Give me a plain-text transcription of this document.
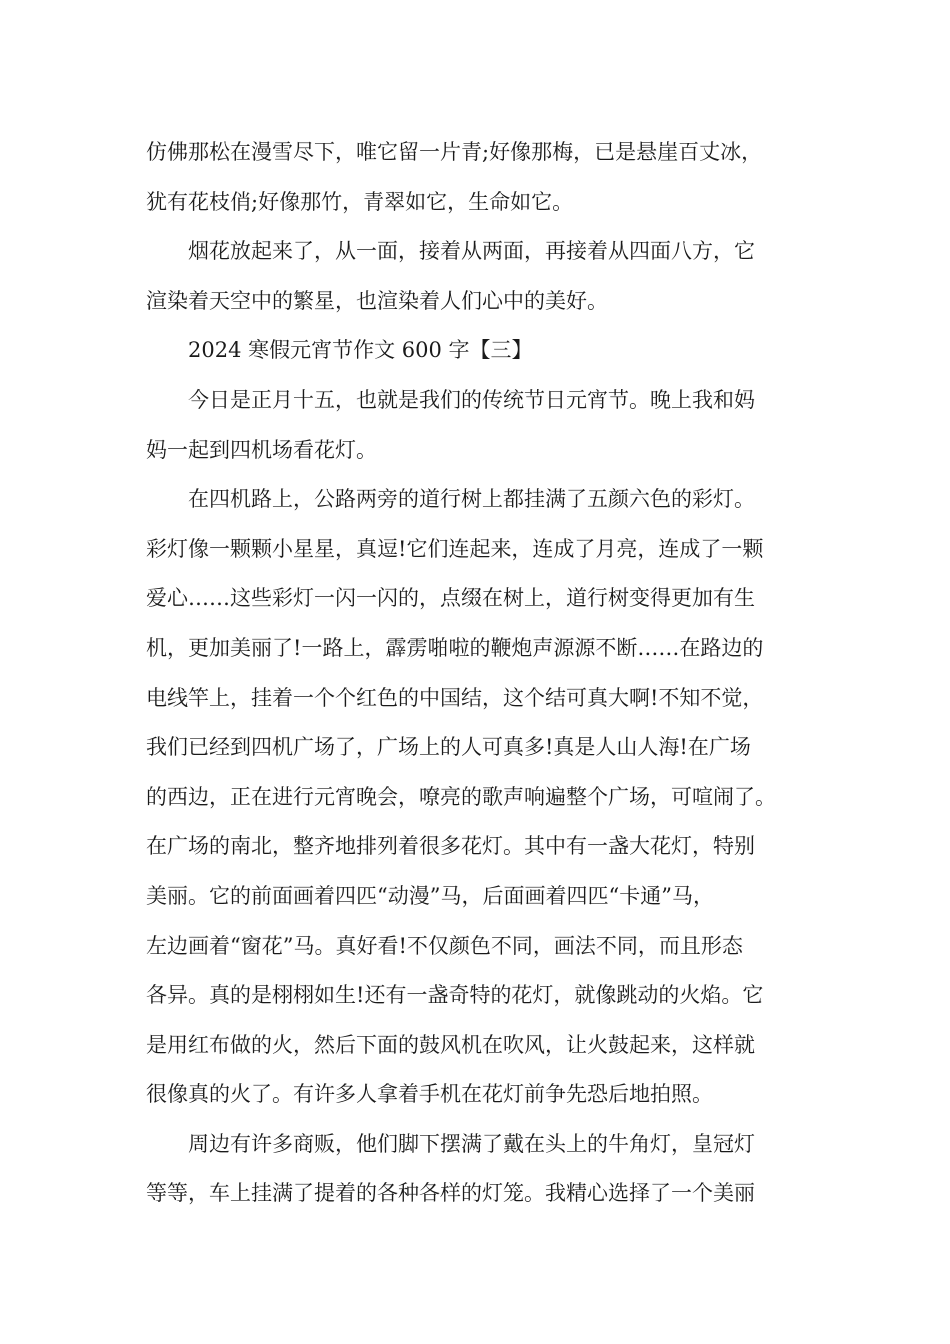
仿佛那松在漫雪尽下，唯它留一片青;好像那梅，已是悬崖百丈冰，
犹有花枝俏;好像那竹，青翠如它，生命如它。
烟花放起来了，从一面，接着从两面，再接着从四面八方，它
渲染着天空中的繁星，也渲染着人们心中的美好。
2024 寒假元宵节作文 600 字【三】
今日是正月十五，也就是我们的传统节日元宵节。晚上我和妈
妈一起到四机场看花灯。
在四机路上，公路两旁的道行树上都挂满了五颜六色的彩灯。
彩灯像一颗颗小星星，真逗!它们连起来，连成了月亮，连成了一颗
爱心……这些彩灯一闪一闪的，点缀在树上，道行树变得更加有生
机，更加美丽了!一路上，霹雳啪啦的鞭炮声源源不断……在路边的
电线竿上，挂着一个个红色的中国结，这个结可真大啊!不知不觉，
我们已经到四机广场了，广场上的人可真多!真是人山人海!在广场
的西边，正在进行元宵晚会，嘹亮的歌声响遍整个广场，可喧闹了。
在广场的南北，整齐地排列着很多花灯。其中有一盏大花灯，特别
美丽。它的前面画着四匹“动漫”马，后面画着四匹“卡通”马，
左边画着“窗花”马。真好看!不仅颜色不同，画法不同，而且形态
各异。真的是栩栩如生!还有一盏奇特的花灯，就像跳动的火焰。它
是用红布做的火，然后下面的鼓风机在吹风，让火鼓起来，这样就
很像真的火了。有许多人拿着手机在花灯前争先恐后地拍照。
周边有许多商贩，他们脚下摆满了戴在头上的牛角灯，皇冠灯
等等，车上挂满了提着的各种各样的灯笼。我精心选择了一个美丽
